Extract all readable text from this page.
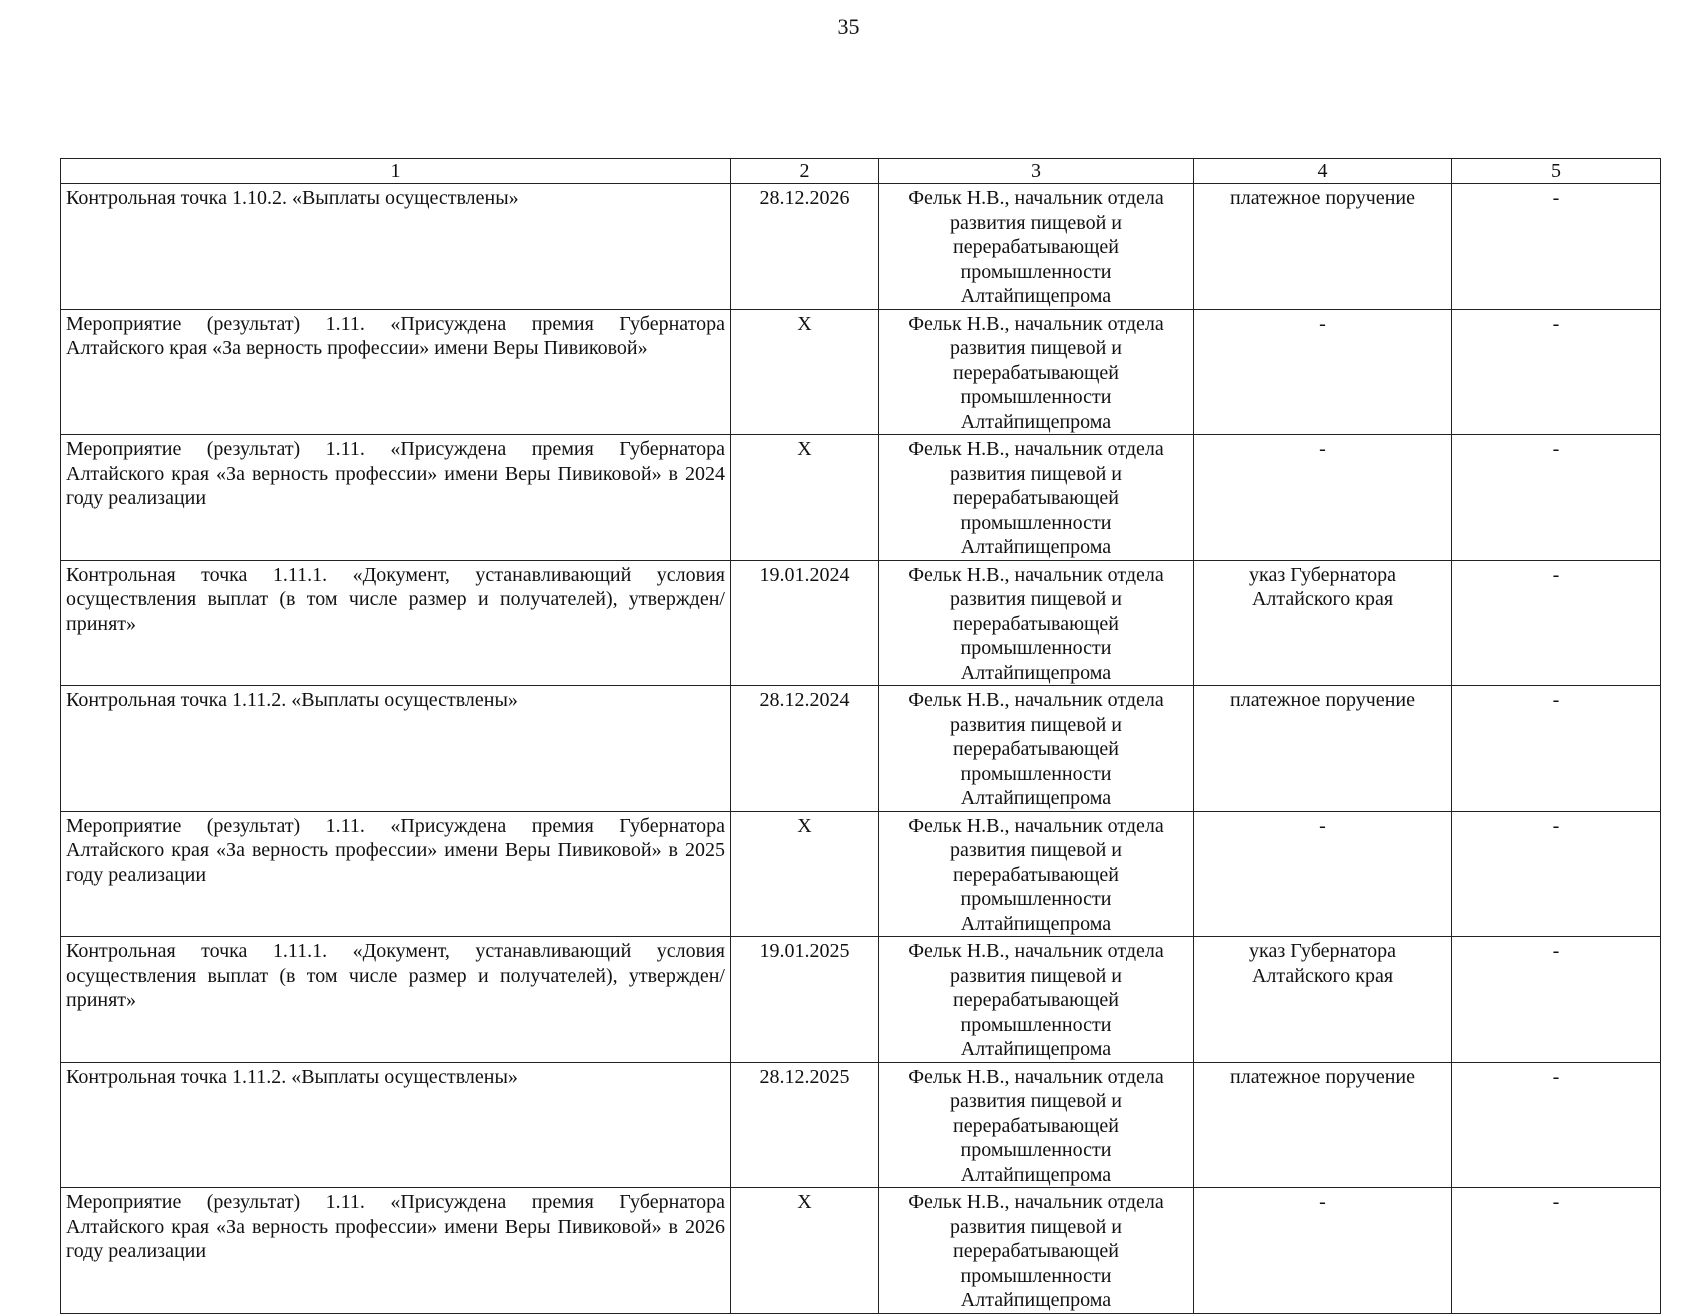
35
1	2	3	4	5
Контрольная точка 1.10.2. «Выплаты осуществлены»	28.12.2026	Фельк Н.В., начальник отдела развития пищевой и перерабатывающей промышленности Алтайпищепрома	платежное поручение	-
Мероприятие (результат) 1.11. «Присуждена премия Губернатора Алтайского края «За верность профессии» имени Веры Пивиковой»	Х	Фельк Н.В., начальник отдела развития пищевой и перерабатывающей промышленности Алтайпищепрома	-	-
Мероприятие (результат) 1.11. «Присуждена премия Губернатора Алтайского края «За верность профессии» имени Веры Пивиковой» в 2024 году реализации	Х	Фельк Н.В., начальник отдела развития пищевой и перерабатывающей промышленности Алтайпищепрома	-	-
Контрольная точка 1.11.1. «Документ, устанавливающий условия осуществления выплат (в том числе размер и получателей), утвержден/принят»	19.01.2024	Фельк Н.В., начальник отдела развития пищевой и перерабатывающей промышленности Алтайпищепрома	указ Губернатора Алтайского края	-
Контрольная точка 1.11.2. «Выплаты осуществлены»	28.12.2024	Фельк Н.В., начальник отдела развития пищевой и перерабатывающей промышленности Алтайпищепрома	платежное поручение	-
Мероприятие (результат) 1.11. «Присуждена премия Губернатора Алтайского края «За верность профессии» имени Веры Пивиковой» в 2025 году реализации	Х	Фельк Н.В., начальник отдела развития пищевой и перерабатывающей промышленности Алтайпищепрома	-	-
Контрольная точка 1.11.1. «Документ, устанавливающий условия осуществления выплат (в том числе размер и получателей), утвержден/принят»	19.01.2025	Фельк Н.В., начальник отдела развития пищевой и перерабатывающей промышленности Алтайпищепрома	указ Губернатора Алтайского края	-
Контрольная точка 1.11.2. «Выплаты осуществлены»	28.12.2025	Фельк Н.В., начальник отдела развития пищевой и перерабатывающей промышленности Алтайпищепрома	платежное поручение	-
Мероприятие (результат) 1.11. «Присуждена премия Губернатора Алтайского края «За верность профессии» имени Веры Пивиковой» в 2026 году реализации	Х	Фельк Н.В., начальник отдела развития пищевой и перерабатывающей промышленности Алтайпищепрома	-	-
